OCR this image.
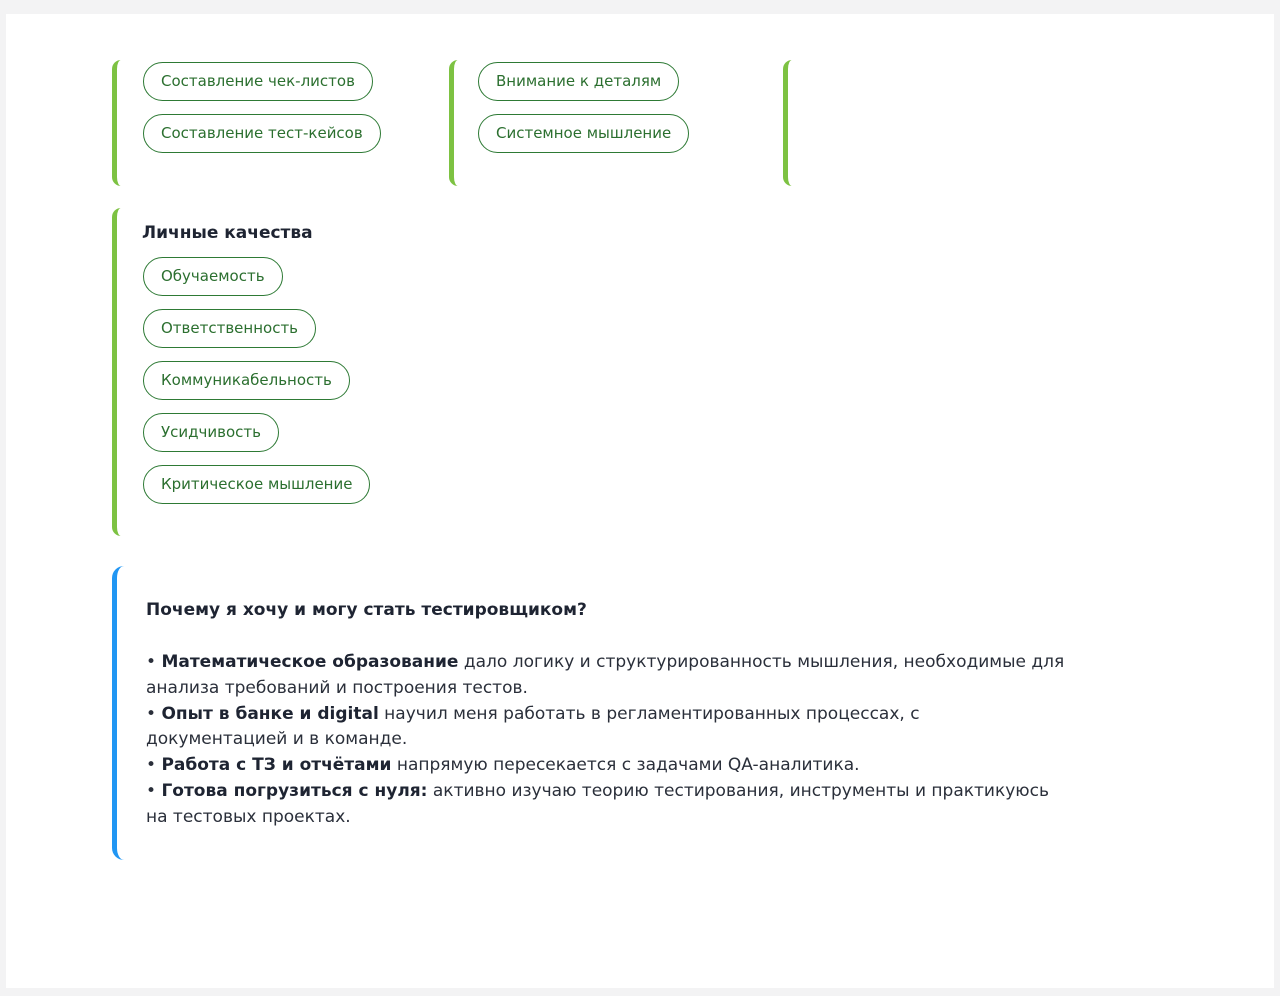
Составление чек-листов
Составление тест-кейсов
Внимание к деталям
Системное мышление
Личные качества
Обучаемость
Ответственность
Коммуникабельность
Усидчивость
Критическое мышление
Почему я хочу и могу стать тестировщиком?
• Математическое образование дало логику и структурированность мышления, необходимые для анализа требований и построения тестов.
• Опыт в банке и digital научил меня работать в регламентированных процессах, с документацией и в команде.
• Работа с ТЗ и отчётами напрямую пересекается с задачами QA-аналитика.
• Готова погрузиться с нуля: активно изучаю теорию тестирования, инструменты и практикуюсь на тестовых проектах.
